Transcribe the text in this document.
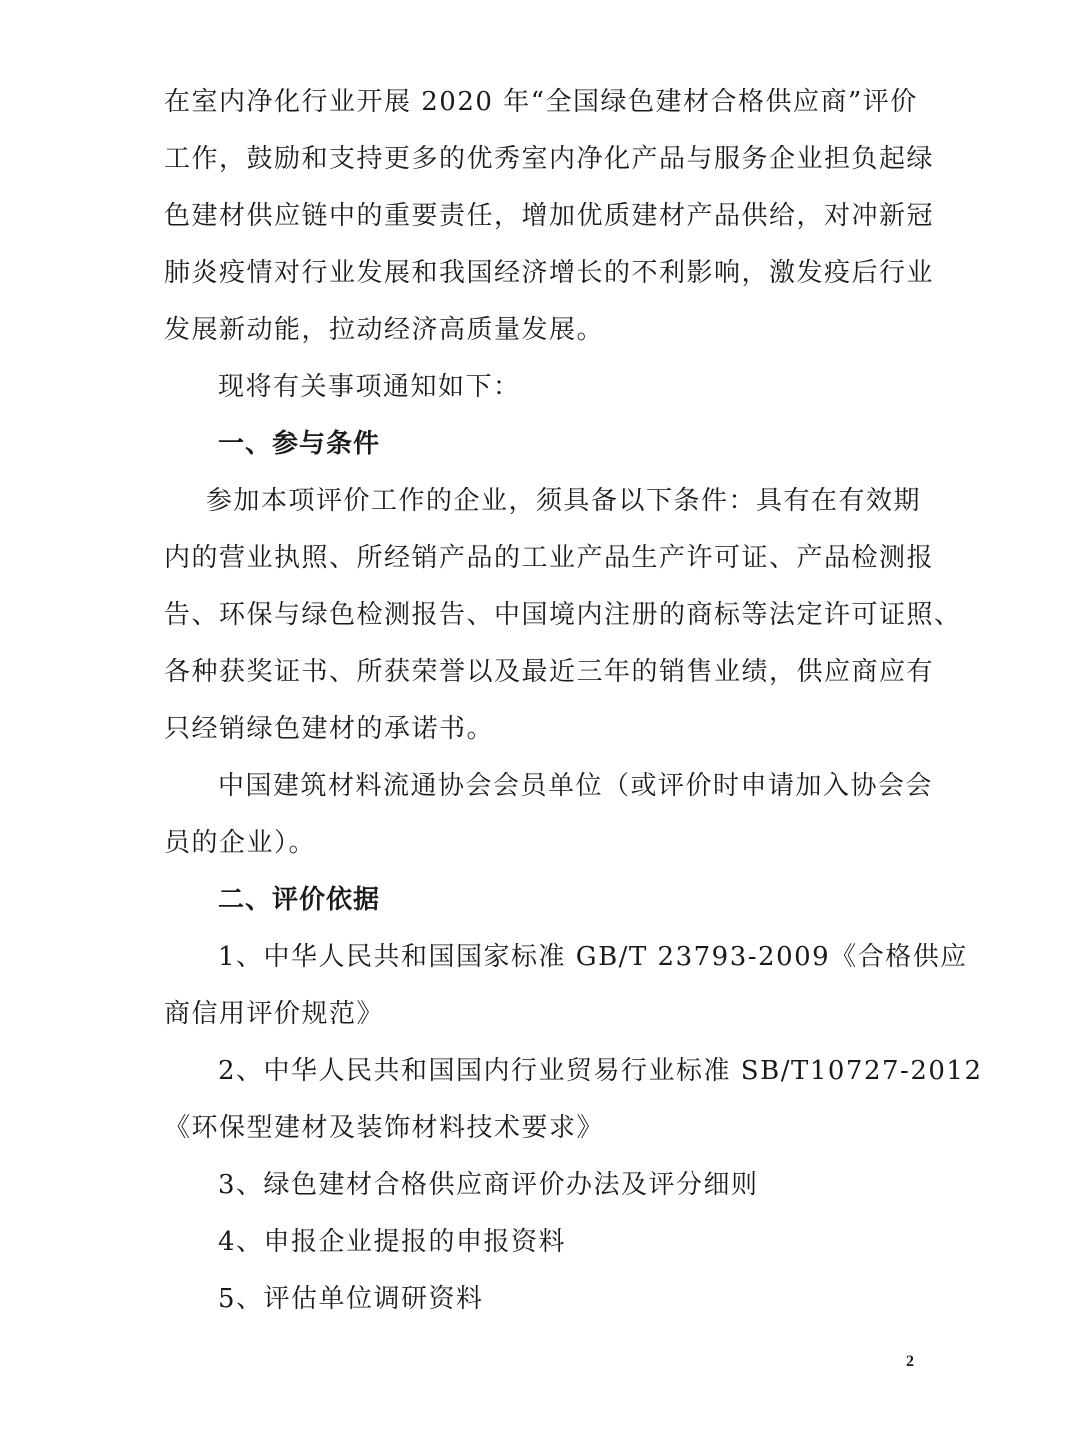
在室内净化行业开展 2020 年“全国绿色建材合格供应商”评价
工作，鼓励和支持更多的优秀室内净化产品与服务企业担负起绿
色建材供应链中的重要责任，增加优质建材产品供给，对冲新冠
肺炎疫情对行业发展和我国经济增长的不利影响，激发疫后行业
发展新动能，拉动经济高质量发展。
现将有关事项通知如下：
一、参与条件
参加本项评价工作的企业，须具备以下条件：具有在有效期
内的营业执照、所经销产品的工业产品生产许可证、产品检测报
告、环保与绿色检测报告、中国境内注册的商标等法定许可证照、
各种获奖证书、所获荣誉以及最近三年的销售业绩，供应商应有
只经销绿色建材的承诺书。
中国建筑材料流通协会会员单位（或评价时申请加入协会会
员的企业）。
二、评价依据
1、中华人民共和国国家标准 GB/T 23793-2009《合格供应
商信用评价规范》
2、中华人民共和国国内行业贸易行业标准 SB/T10727-2012
《环保型建材及装饰材料技术要求》
3、绿色建材合格供应商评价办法及评分细则
4、申报企业提报的申报资料
5、评估单位调研资料
2
